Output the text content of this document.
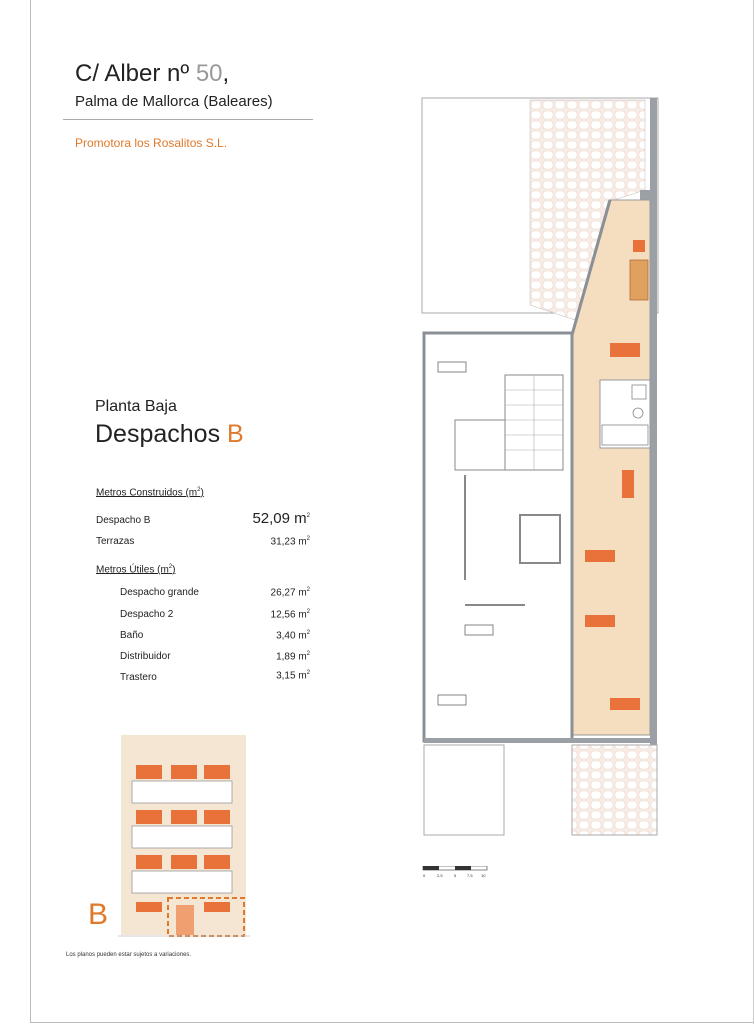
C/ Alber nº 50,
Palma de Mallorca (Baleares)
Promotora los Rosalitos S.L.
Planta Baja
Despachos B
Metros Construidos $(m^2)$
Despacho B	52,09 $m^2$
Terrazas	31,23 $m^2$
Metros Útiles $(m^2)$
Despacho grande	26,27 $m^2$
Despacho 2	12,56 $m^2$
Baño	3,40 $m^2$
Distribuidor	1,89 $m^2$
Trastero	3,15 $m^2$
0	2,5	5	7,5 10
B
Los planos pueden estar sujetos a variaciones.
